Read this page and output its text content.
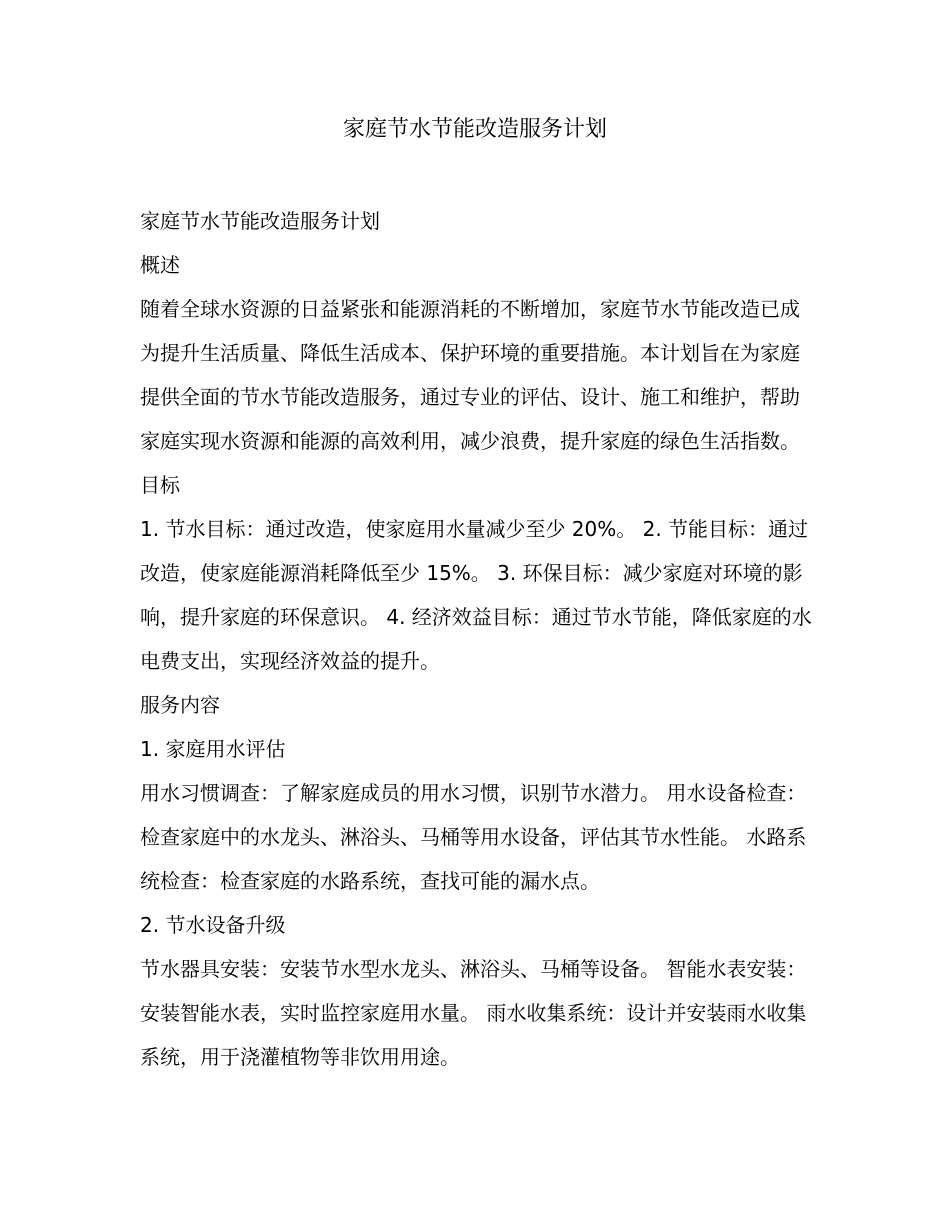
家庭节水节能改造服务计划

家庭节水节能改造服务计划

概述

随着全球水资源的日益紧张和能源消耗的不断增加，家庭节水节能改造已成为提升生活质量、降低生活成本、保护环境的重要措施。本计划旨在为家庭提供全面的节水节能改造服务，通过专业的评估、设计、施工和维护，帮助家庭实现水资源和能源的高效利用，减少浪费，提升家庭的绿色生活指数。

目标

1. 节水目标：通过改造，使家庭用水量减少至少 20%。 2. 节能目标：通过改造，使家庭能源消耗降低至少 15%。 3. 环保目标：减少家庭对环境的影响，提升家庭的环保意识。 4. 经济效益目标：通过节水节能，降低家庭的水电费支出，实现经济效益的提升。

服务内容

1. 家庭用水评估

用水习惯调查：了解家庭成员的用水习惯，识别节水潜力。 用水设备检查：检查家庭中的水龙头、淋浴头、马桶等用水设备，评估其节水性能。 水路系统检查：检查家庭的水路系统，查找可能的漏水点。

2. 节水设备升级

节水器具安装：安装节水型水龙头、淋浴头、马桶等设备。 智能水表安装：安装智能水表，实时监控家庭用水量。 雨水收集系统：设计并安装雨水收集系统，用于浇灌植物等非饮用用途。
